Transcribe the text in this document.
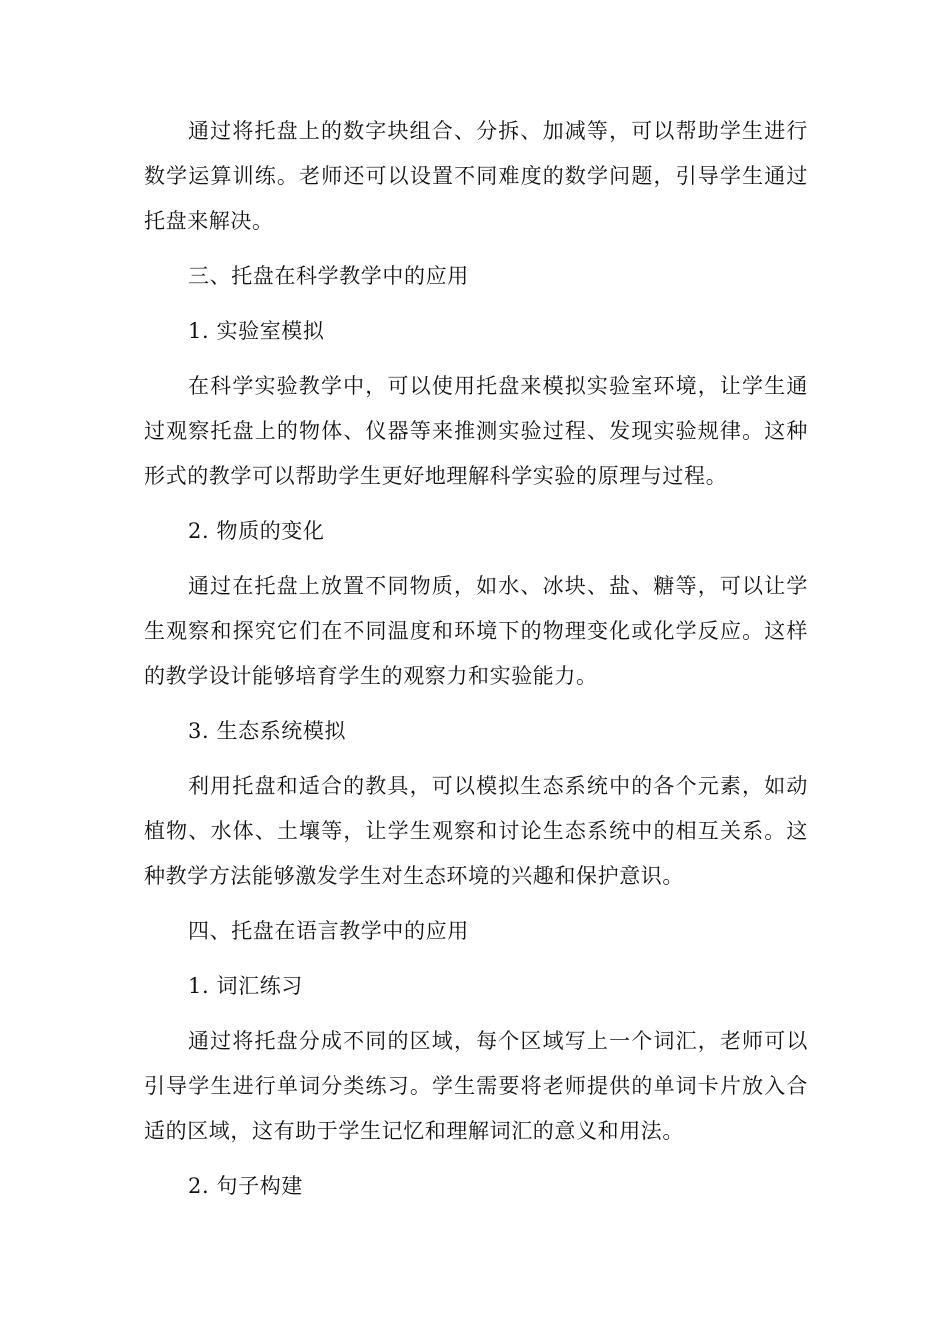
通过将托盘上的数字块组合、分拆、加减等，可以帮助学生进行数学运算训练。老师还可以设置不同难度的数学问题，引导学生通过托盘来解决。

三、托盘在科学教学中的应用

1. 实验室模拟

在科学实验教学中，可以使用托盘来模拟实验室环境，让学生通过观察托盘上的物体、仪器等来推测实验过程、发现实验规律。这种形式的教学可以帮助学生更好地理解科学实验的原理与过程。

2. 物质的变化

通过在托盘上放置不同物质，如水、冰块、盐、糖等，可以让学生观察和探究它们在不同温度和环境下的物理变化或化学反应。这样的教学设计能够培育学生的观察力和实验能力。

3. 生态系统模拟

利用托盘和适合的教具，可以模拟生态系统中的各个元素，如动植物、水体、土壤等，让学生观察和讨论生态系统中的相互关系。这种教学方法能够激发学生对生态环境的兴趣和保护意识。

四、托盘在语言教学中的应用

1. 词汇练习

通过将托盘分成不同的区域，每个区域写上一个词汇，老师可以引导学生进行单词分类练习。学生需要将老师提供的单词卡片放入合适的区域，这有助于学生记忆和理解词汇的意义和用法。

2. 句子构建
